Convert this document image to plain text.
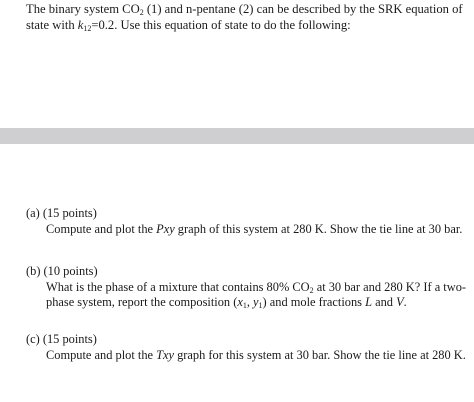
The binary system $CO_2$ (1) and n-pentane (2) can be described by the SRK equation of state with $k_{12}=0.2$. Use this equation of state to do the following:

(a) (15 points)

Compute and plot the Pxy graph of this system at 280 K. Show the tie line at 30 bar.

(b) (10 points)

What is the phase of a mixture that contains 80% $CO_2$ at 30 bar and 280 K? If a two-phase system, report the composition ($x_1$, $y_1$) and mole fractions L and V.

(c) (15 points)

Compute and plot the Txy graph for this system at 30 bar. Show the tie line at 280 K.
